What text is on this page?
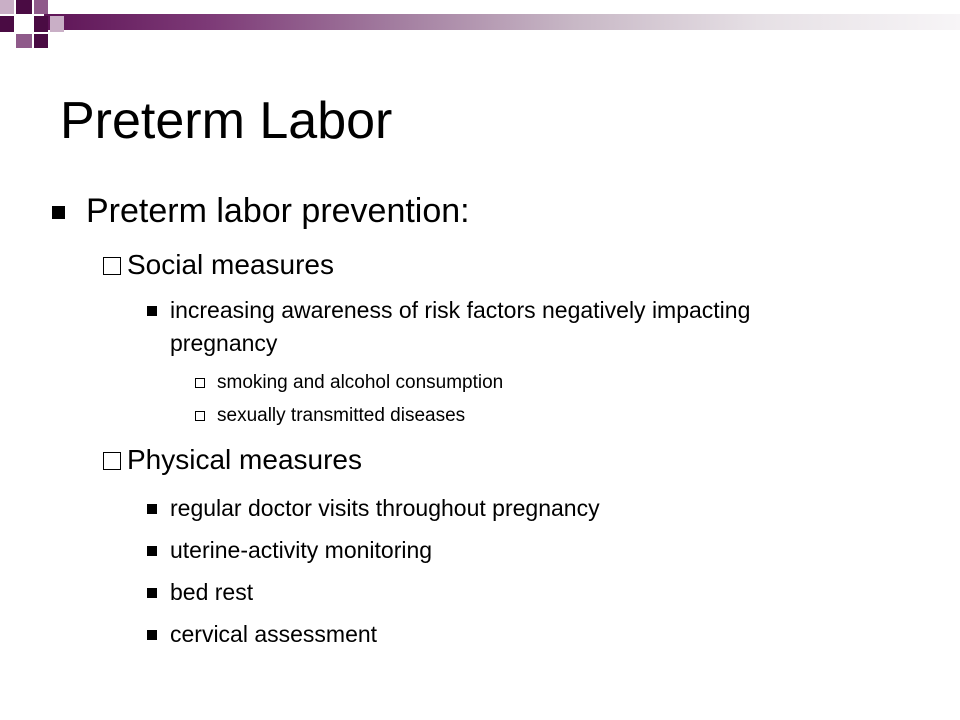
Preterm Labor
Preterm labor prevention:
Social measures
increasing awareness of risk factors negatively impacting pregnancy
smoking and alcohol consumption
sexually transmitted diseases
Physical measures
regular doctor visits throughout pregnancy
uterine-activity monitoring
bed rest
cervical assessment
